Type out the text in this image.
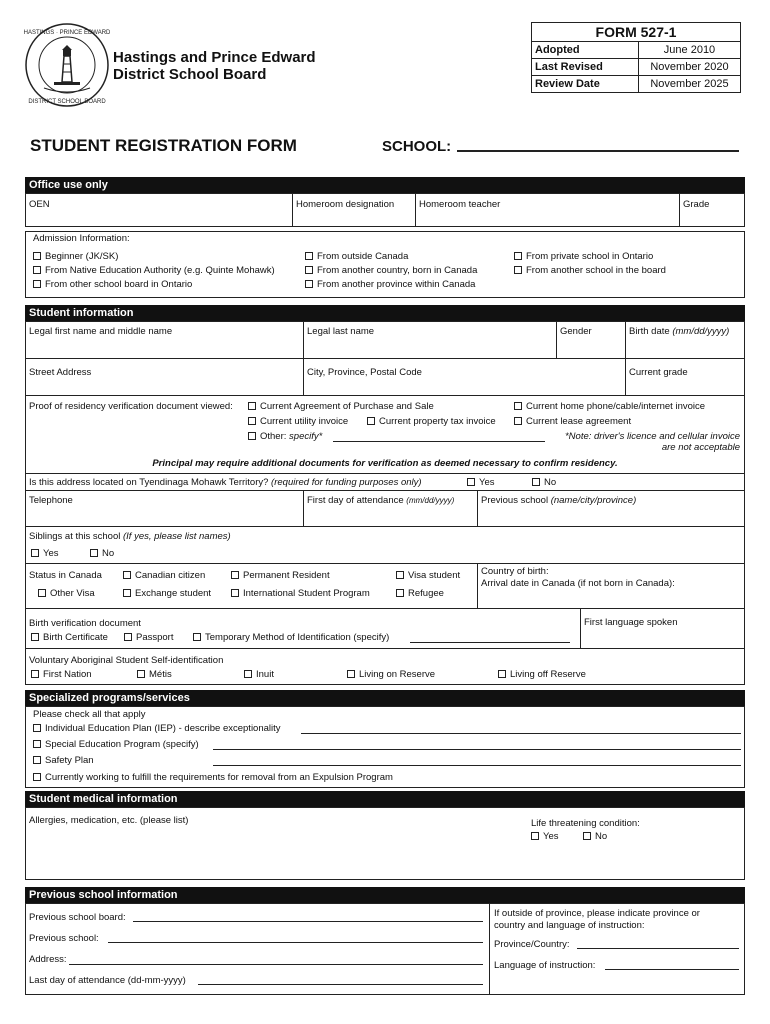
HASTINGS · PRINCE EDWARD
DISTRICT SCHOOL BOARD
Hastings and Prince Edward
District School Board
FORM 527-1	
Adopted	June 2010
Last Revised	November 2020
Review Date	November 2025
STUDENT REGISTRATION FORM	SCHOOL:
Office use only
OEN	Homeroom designation	Homeroom teacher	Grade
Admission Information:
Beginner (JK/SK)
From Native Education Authority (e.g. Quinte Mohawk)
From other school board in Ontario
From outside Canada
From another country, born in Canada
From another province within Canada
From private school in Ontario
From another school in the board
Student information
Legal first name and middle name	Legal last name	Gender	Birth date (mm/dd/yyyy)
Street Address	City, Province, Postal Code	Current grade
Proof of residency verification document viewed:	Current Agreement of Purchase and Sale	Current home phone/cable/internet invoice
Current utility invoice	Current property tax invoice	Current lease agreement
Other: specify*	*Note: driver's licence and cellular invoice
are not acceptable
Principal may require additional documents for verification as deemed necessary to confirm residency.
Is this address located on Tyendinaga Mohawk Territory? (required for funding purposes only)	Yes	No
Telephone	First day of attendance (mm/dd/yyyy)	Previous school (name/city/province)
Siblings at this school (If yes, please list names)
Yes	No
Status in Canada	Canadian citizen	Permanent Resident	Visa student
Other Visa	Exchange student	International Student Program	Refugee
Country of birth:
Arrival date in Canada (if not born in Canada):
Birth verification document
Birth Certificate	Passport	Temporary Method of Identification (specify)
First language spoken
Voluntary Aboriginal Student Self-identification
First Nation	Métis	Inuit	Living on Reserve	Living off Reserve
Specialized programs/services
Please check all that apply
Individual Education Plan (IEP) - describe exceptionality
Special Education Program (specify)
Safety Plan
Currently working to fulfill the requirements for removal from an Expulsion Program
Student medical information
Allergies, medication, etc. (please list)	Life threatening condition:
Yes	No
Previous school information
Previous school board:
Previous school:
Address:
Last day of attendance (dd-mm-yyyy)
If outside of province, please indicate province or
country and language of instruction:
Province/Country:
Language of instruction:
